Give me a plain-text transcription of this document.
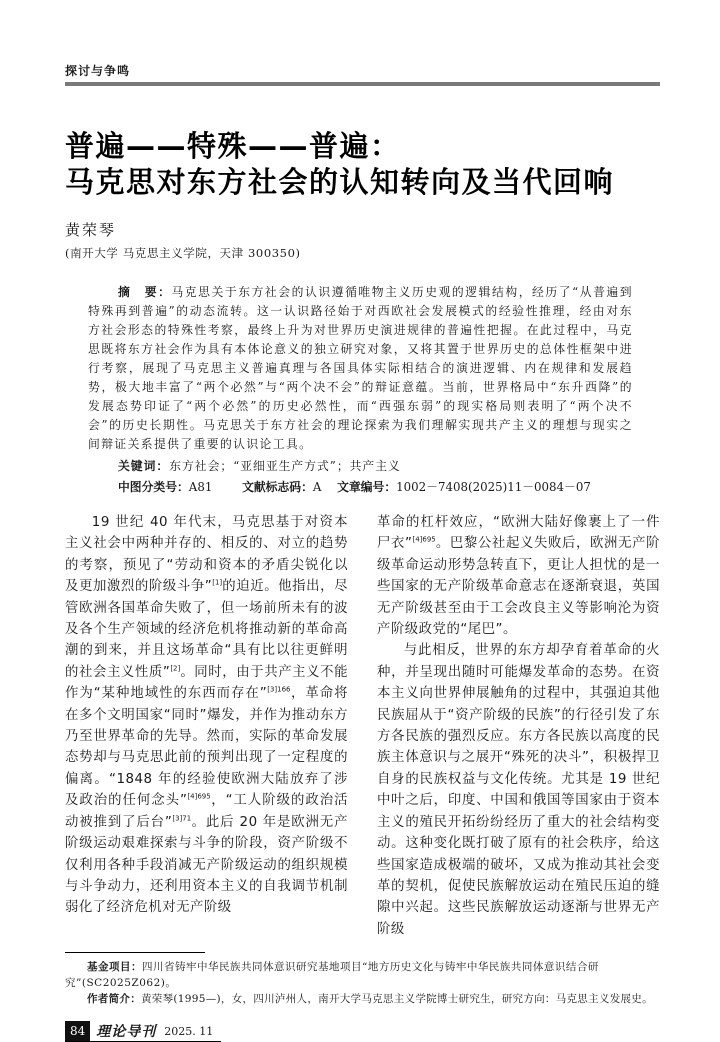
探讨与争鸣
普遍——特殊——普遍：
马克思对东方社会的认知转向及当代回响
黄荣琴
(南开大学 马克思主义学院，天津 300350)
摘　要：马克思关于东方社会的认识遵循唯物主义历史观的逻辑结构，经历了“从普遍到特殊再到普遍”的动态流转。这一认识路径始于对西欧社会发展模式的经验性推理，经由对东方社会形态的特殊性考察，最终上升为对世界历史演进规律的普遍性把握。在此过程中，马克思既将东方社会作为具有本体论意义的独立研究对象，又将其置于世界历史的总体性框架中进行考察，展现了马克思主义普遍真理与各国具体实际相结合的演进逻辑、内在规律和发展趋势，极大地丰富了“两个必然”与“两个决不会”的辩证意蕴。当前，世界格局中“东升西降”的发展态势印证了“两个必然”的历史必然性，而“西强东弱”的现实格局则表明了“两个决不会”的历史长期性。马克思关于东方社会的理论探索为我们理解实现共产主义的理想与现实之间辩证关系提供了重要的认识论工具。
关键词：东方社会；“亚细亚生产方式”；共产主义
中图分类号：A81	文献标志码：A 文章编号：1002－7408(2025)11－0084－07

19 世纪 40 年代末，马克思基于对资本主义社会中两种并存的、相反的、对立的趋势的考察，预见了“劳动和资本的矛盾尖锐化以及更加激烈的阶级斗争”[1]的迫近。他指出，尽管欧洲各国革命失败了，但一场前所未有的波及各个生产领域的经济危机将推动新的革命高潮的到来，并且这场革命“具有比以往更鲜明的社会主义性质”[2]。同时，由于共产主义不能作为“某种地域性的东西而存在”$^{[3]166}$，革命将在多个文明国家“同时”爆发，并作为推动东方乃至世界革命的先导。然而，实际的革命发展态势却与马克思此前的预判出现了一定程度的偏离。“1848 年的经验使欧洲大陆放弃了涉及政治的任何念头”$^{[4]695}$，“工人阶级的政治活动被推到了后台”$^{[3]71}$。此后 20 年是欧洲无产阶级运动艰难探索与斗争的阶段，资产阶级不仅利用各种手段消减无产阶级运动的组织规模与斗争动力，还利用资本主义的自我调节机制弱化了经济危机对无产阶级

革命的杠杆效应，“欧洲大陆好像裹上了一件尸衣”$^{[4]695}$。巴黎公社起义失败后，欧洲无产阶级革命运动形势急转直下，更让人担忧的是一些国家的无产阶级革命意志在逐渐衰退，英国无产阶级甚至由于工会改良主义等影响沦为资产阶级政党的“尾巴”。

与此相反，世界的东方却孕育着革命的火种，并呈现出随时可能爆发革命的态势。在资本主义向世界伸展触角的过程中，其强迫其他民族屈从于“资产阶级的民族”的行径引发了东方各民族的强烈反应。东方各民族以高度的民族主体意识与之展开“殊死的决斗”，积极捍卫自身的民族权益与文化传统。尤其是 19 世纪中叶之后，印度、中国和俄国等国家由于资本主义的殖民开拓纷纷经历了重大的社会结构变动。这种变化既打破了原有的社会秩序，给这些国家造成极端的破坏，又成为推动其社会变革的契机，促使民族解放运动在殖民压迫的缝隙中兴起。这些民族解放运动逐渐与世界无产阶级

基金项目：四川省铸牢中华民族共同体意识研究基地项目“地方历史文化与铸牢中华民族共同体意识结合研究”(SC2025Z062)。
作者简介：黄荣琴(1995—)，女，四川泸州人，南开大学马克思主义学院博士研究生，研究方向：马克思主义发展史。
84 理论导刊 2025. 11
